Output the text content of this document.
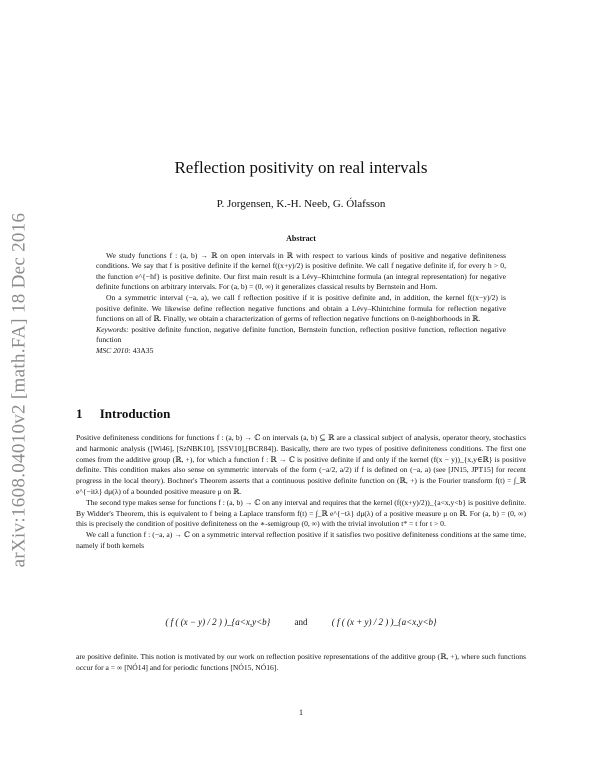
arXiv:1608.04010v2 [math.FA] 18 Dec 2016
Reflection positivity on real intervals
P. Jorgensen, K.-H. Neeb, G. Ólafsson
Abstract

We study functions f : (a, b) → ℝ on open intervals in ℝ with respect to various kinds of positive and negative definiteness conditions. We say that f is positive definite if the kernel f((x+y)/2) is positive definite. We call f negative definite if, for every h > 0, the function e^{−hf} is positive definite. Our first main result is a Lévy–Khintchine formula (an integral representation) for negative definite functions on arbitrary intervals. For (a, b) = (0, ∞) it generalizes classical results by Bernstein and Horn.

On a symmetric interval (−a, a), we call f reflection positive if it is positive definite and, in addition, the kernel f((x−y)/2) is positive definite. We likewise define reflection negative functions and obtain a Lévy–Khintchine formula for reflection negative functions on all of ℝ. Finally, we obtain a characterization of germs of reflection negative functions on 0-neighborhoods in ℝ.

Keywords: positive definite function, negative definite function, Bernstein function, reflection positive function, reflection negative function

MSC 2010: 43A35

1 Introduction

Positive definiteness conditions for functions f : (a, b) → ℂ on intervals (a, b) ⊆ ℝ are a classical subject of analysis, operator theory, stochastics and harmonic analysis ([Wi46], [SzNBK10], [SSV10],[BCR84]). Basically, there are two types of positive definiteness conditions. The first one comes from the additive group (ℝ, +), for which a function f : ℝ → ℂ is positive definite if and only if the kernel (f(x − y))_{x,y∈ℝ} is positive definite. This condition makes also sense on symmetric intervals of the form (−a/2, a/2) if f is defined on (−a, a) (see [JN15, JPT15] for recent progress in the local theory). Bochner's Theorem asserts that a continuous positive definite function on (ℝ, +) is the Fourier transform f(t) = ∫_ℝ e^{−itλ} dμ(λ) of a bounded positive measure μ on ℝ.

The second type makes sense for functions f : (a, b) → ℂ on any interval and requires that the kernel (f((x+y)/2))_{a<x,y<b} is positive definite. By Widder's Theorem, this is equivalent to f being a Laplace transform f(t) = ∫_ℝ e^{−tλ} dμ(λ) of a positive measure μ on ℝ. For (a, b) = (0, ∞) this is precisely the condition of positive definiteness on the ∗-semigroup (0, ∞) with the trivial involution t* = t for t > 0.

We call a function f : (−a, a) → ℂ on a symmetric interval reflection positive if it satisfies two positive definiteness conditions at the same time, namely if both kernels

( f ( (x − y) / 2 ) )_{a<x,y<b}	and	( f ( (x + y) / 2 ) )_{a<x,y<b}

are positive definite. This notion is motivated by our work on reflection positive representations of the additive group (ℝ, +), where such functions occur for a = ∞ [NÓ14] and for periodic functions [NÓ15, NÓ16].

1
